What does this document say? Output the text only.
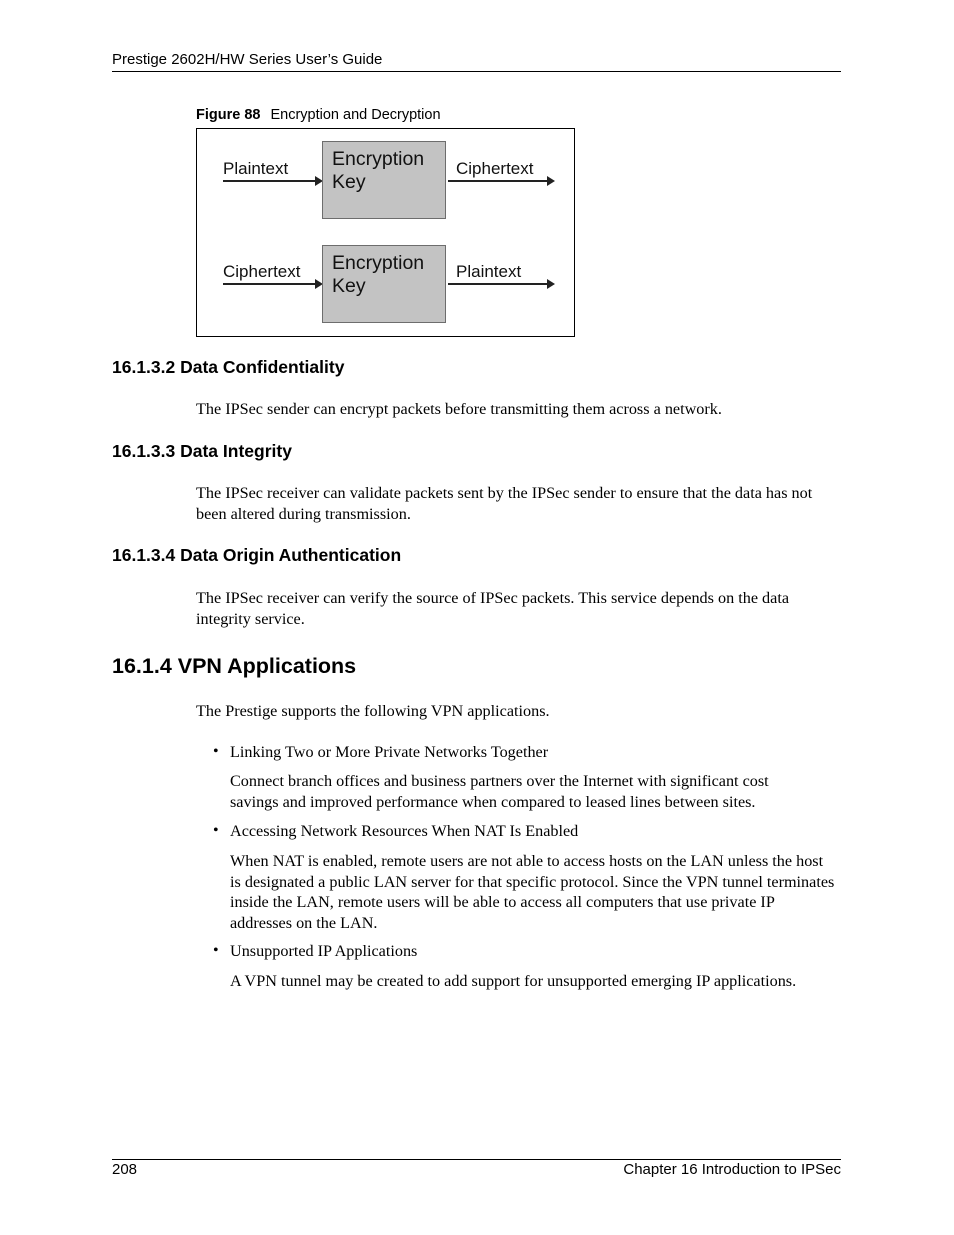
Prestige 2602H/HW Series User’s Guide
Figure 88 Encryption and Decryption
Plaintext Encryption
Key
Ciphertext
Ciphertext Encryption
Key
Plaintext
16.1.3.2 Data Confidentiality
The IPSec sender can encrypt packets before transmitting them across a network.
16.1.3.3 Data Integrity
The IPSec receiver can validate packets sent by the IPSec sender to ensure that the data has not been altered during transmission.
16.1.3.4 Data Origin Authentication
The IPSec receiver can verify the source of IPSec packets. This service depends on the data integrity service.
16.1.4 VPN Applications
The Prestige supports the following VPN applications.
• Linking Two or More Private Networks Together
Connect branch offices and business partners over the Internet with significant cost savings and improved performance when compared to leased lines between sites.
• Accessing Network Resources When NAT Is Enabled
When NAT is enabled, remote users are not able to access hosts on the LAN unless the host is designated a public LAN server for that specific protocol. Since the VPN tunnel terminates inside the LAN, remote users will be able to access all computers that use private IP addresses on the LAN.
• Unsupported IP Applications
A VPN tunnel may be created to add support for unsupported emerging IP applications.
208	Chapter 16 Introduction to IPSec
